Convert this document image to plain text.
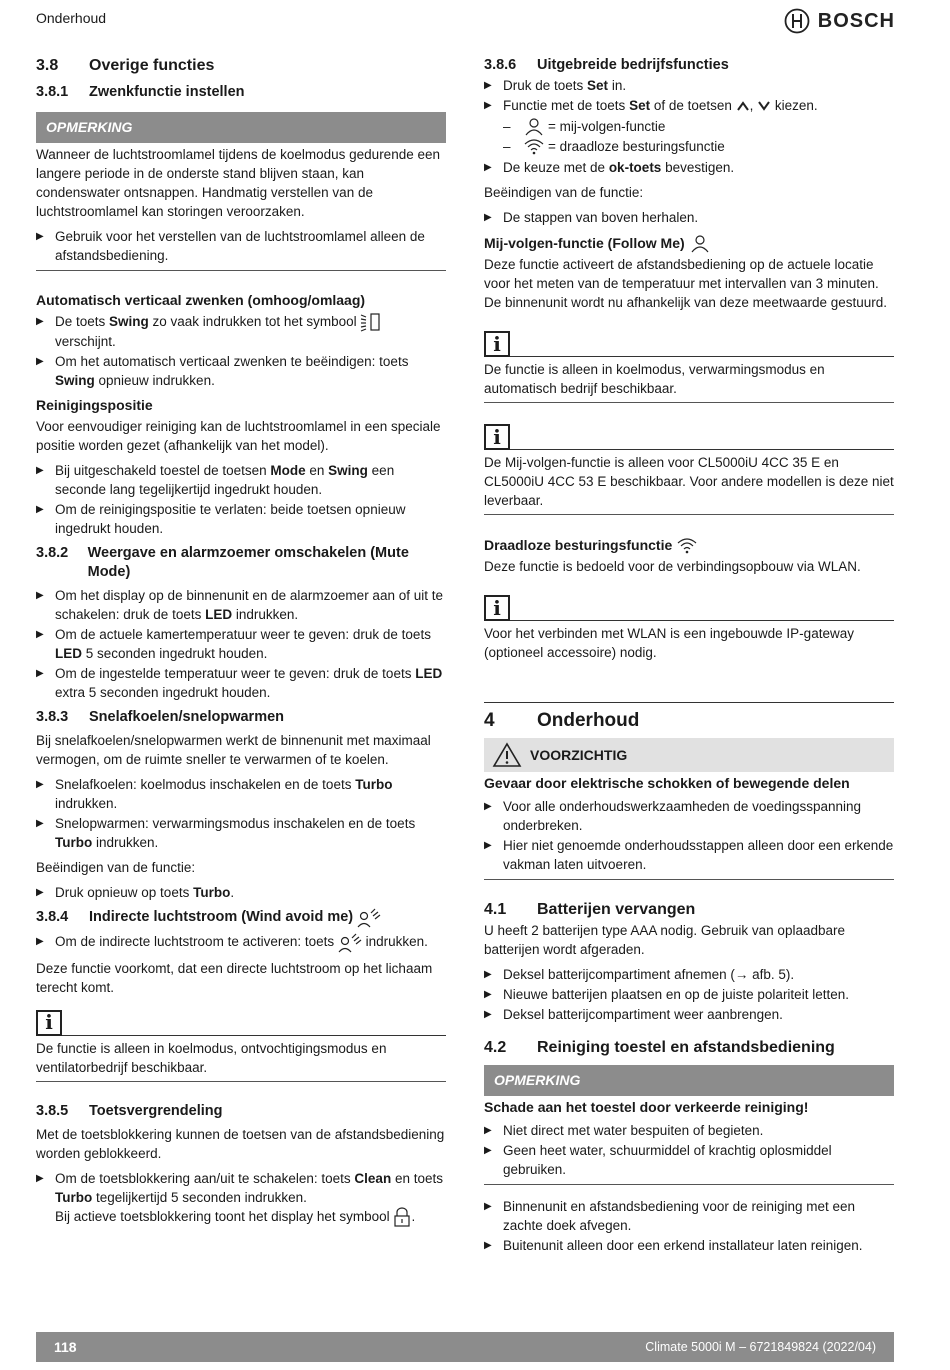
Onderhoud	BOSCH
3.8	Overige functies
3.8.1	Zwenkfunctie instellen
OPMERKING

Wanneer de luchtstroomlamel tijdens de koelmodus gedurende een langere periode in de onderste stand blijven staan, kan condenswater ontsnappen. Handmatig verstellen van de luchtstroomlamel kan storingen veroorzaken.

▶ Gebruik voor het verstellen van de luchtstroomlamel alleen de afstandsbediening.
Automatisch verticaal zwenken (omhoog/omlaag)
▶ De toets Swing zo vaak indrukken tot het symbool  verschijnt.
▶ Om het automatisch verticaal zwenken te beëindigen: toets Swing opnieuw indrukken.
Reinigingspositie

Voor eenvoudiger reiniging kan de luchtstroomlamel in een speciale positie worden gezet (afhankelijk van het model).

▶ Bij uitgeschakeld toestel de toetsen Mode en Swing een seconde lang tegelijkertijd ingedrukt houden.
▶ Om de reinigingspositie te verlaten: beide toetsen opnieuw ingedrukt houden.
3.8.2	Weergave en alarmzoemer omschakelen (Mute Mode)
▶ Om het display op de binnenunit en de alarmzoemer aan of uit te schakelen: druk de toets LED indrukken.
▶ Om de actuele kamertemperatuur weer te geven: druk de toets LED 5 seconden ingedrukt houden.
▶ Om de ingestelde temperatuur weer te geven: druk de toets LED extra 5 seconden ingedrukt houden.
3.8.3	Snelafkoelen/snelopwarmen

Bij snelafkoelen/snelopwarmen werkt de binnenunit met maximaal vermogen, om de ruimte sneller te verwarmen of te koelen.

▶ Snelafkoelen: koelmodus inschakelen en de toets Turbo indrukken.
▶ Snelopwarmen: verwarmingsmodus inschakelen en de toets Turbo indrukken.

Beëindigen van de functie:

▶ Druk opnieuw op toets Turbo.
3.8.4	Indirecte luchtstroom (Wind avoid me)

▶ Om de indirecte luchtstroom te activeren: toets  indrukken.

Deze functie voorkomt, dat een directe luchtstroom op het lichaam terecht komt.

i

De functie is alleen in koelmodus, ontvochtigingsmodus en ventilatorbedrijf beschikbaar.

3.8.5	Toetsvergrendeling

Met de toetsblokkering kunnen de toetsen van de afstandsbediening worden geblokkeerd.

▶ Om de toetsblokkering aan/uit te schakelen: toets Clean en toets Turbo tegelijkertijd 5 seconden indrukken.
Bij actieve toetsblokkering toont het display het symbool .
3.8.6	Uitgebreide bedrijfsfuncties
▶ Druk de toets Set in.
▶ Functie met de toets Set of de toetsen ,  kiezen.
– = mij-volgen-functie
– = draadloze besturingsfunctie
▶ De keuze met de ok-toets bevestigen.

Beëindigen van de functie:

▶ De stappen van boven herhalen.
Mij-volgen-functie (Follow Me)

Deze functie activeert de afstandsbediening op de actuele locatie voor het meten van de temperatuur met intervallen van 3 minuten. De binnenunit wordt nu afhankelijk van deze meetwaarde gestuurd.

i

De functie is alleen in koelmodus, verwarmingsmodus en automatisch bedrijf beschikbaar.

i

De Mij-volgen-functie is alleen voor CL5000iU 4CC 35 E en CL5000iU 4CC 53 E beschikbaar. Voor andere modellen is deze niet leverbaar.

Draadloze besturingsfunctie

Deze functie is bedoeld voor de verbindingsopbouw via WLAN.

i

Voor het verbinden met WLAN is een ingebouwde IP-gateway (optioneel accessoire) nodig.

4	Onderhoud
VOORZICHTIG
Gevaar door elektrische schokken of bewegende delen
▶ Voor alle onderhoudswerkzaamheden de voedingsspanning onderbreken.
▶ Hier niet genoemde onderhoudsstappen alleen door een erkende vakman laten uitvoeren.
4.1	Batterijen vervangen

U heeft 2 batterijen type AAA nodig. Gebruik van oplaadbare batterijen wordt afgeraden.

▶ Deksel batterijcompartiment afnemen (→ afb. 5).
▶ Nieuwe batterijen plaatsen en op de juiste polariteit letten.
▶ Deksel batterijcompartiment weer aanbrengen.
4.2	Reiniging toestel en afstandsbediening
OPMERKING
Schade aan het toestel door verkeerde reiniging!
▶ Niet direct met water bespuiten of begieten.
▶ Geen heet water, schuurmiddel of krachtig oplosmiddel gebruiken.
▶ Binnenunit en afstandsbediening voor de reiniging met een zachte doek afvegen.
▶ Buitenunit alleen door een erkend installateur laten reinigen.
118	Climate 5000i M – 6721849824 (2022/04)
